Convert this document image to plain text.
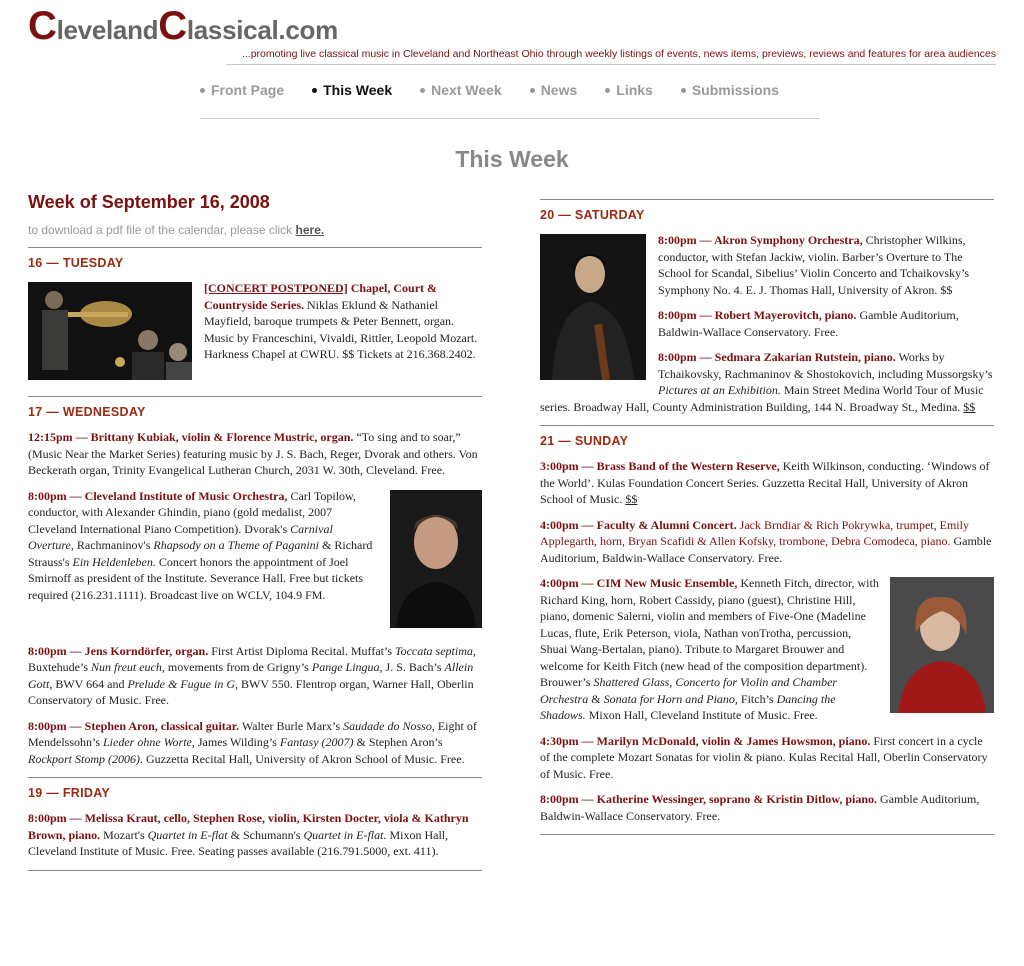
ClevelandClassical.com
...promoting live classical music in Cleveland and Northeast Ohio through weekly listings of events, news items, previews, reviews and features for area audiences
Front Page	This Week	Next Week	News	Links	Submissions
This Week
Week of September 16, 2008
to download a pdf file of the calendar, please click here.
16 — TUESDAY
[CONCERT POSTPONED] Chapel, Court & Countryside Series. Niklas Eklund & Nathaniel Mayfield, baroque trumpets & Peter Bennett, organ. Music by Franceschini, Vivaldi, Rittler, Leopold Mozart. Harkness Chapel at CWRU. $$ Tickets at 216.368.2402.
17 — WEDNESDAY
12:15pm — Brittany Kubiak, violin & Florence Mustric, organ. “To sing and to soar,” (Music Near the Market Series) featuring music by J. S. Bach, Reger, Dvorak and others. Von Beckerath organ, Trinity Evangelical Lutheran Church, 2031 W. 30th, Cleveland. Free.
8:00pm — Cleveland Institute of Music Orchestra, Carl Topilow, conductor, with Alexander Ghindin, piano (gold medalist, 2007 Cleveland International Piano Competition). Dvorak's Carnival Overture, Rachmaninov's Rhapsody on a Theme of Paganini & Richard Strauss's Ein Heldenleben. Concert honors the appointment of Joel Smirnoff as president of the Institute. Severance Hall. Free but tickets required (216.231.1111). Broadcast live on WCLV, 104.9 FM.
8:00pm — Jens Korndörfer, organ. First Artist Diploma Recital. Muffat’s Toccata septima, Buxtehude’s Nun freut euch, movements from de Grigny’s Pange Lingua, J. S. Bach’s Allein Gott, BWV 664 and Prelude & Fugue in G, BWV 550. Flentrop organ, Warner Hall, Oberlin Conservatory of Music. Free.
8:00pm — Stephen Aron, classical guitar. Walter Burle Marx’s Saudade do Nosso, Eight of Mendelssohn’s Lieder ohne Worte, James Wilding’s Fantasy (2007) & Stephen Aron’s Rockport Stomp (2006). Guzzetta Recital Hall, University of Akron School of Music. Free.
19 — FRIDAY
8:00pm — Melissa Kraut, cello, Stephen Rose, violin, Kirsten Docter, viola & Kathryn Brown, piano. Mozart's Quartet in E-flat & Schumann's Quartet in E-flat. Mixon Hall, Cleveland Institute of Music. Free. Seating passes available (216.791.5000, ext. 411).
20 — SATURDAY
8:00pm — Akron Symphony Orchestra, Christopher Wilkins, conductor, with Stefan Jackiw, violin. Barber’s Overture to The School for Scandal, Sibelius’ Violin Concerto and Tchaikovsky’s Symphony No. 4. E. J. Thomas Hall, University of Akron. $$
8:00pm — Robert Mayerovitch, piano. Gamble Auditorium, Baldwin-Wallace Conservatory. Free.
8:00pm — Sedmara Zakarian Rutstein, piano. Works by Tchaikovsky, Rachmaninov & Shostokovich, including Mussorgsky’s Pictures at an Exhibition. Main Street Medina World Tour of Music series. Broadway Hall, County Administration Building, 144 N. Broadway St., Medina. $$
21 — SUNDAY
3:00pm — Brass Band of the Western Reserve, Keith Wilkinson, conducting. ‘Windows of the World’. Kulas Foundation Concert Series. Guzzetta Recital Hall, University of Akron School of Music. $$
4:00pm — Faculty & Alumni Concert. Jack Brndiar & Rich Pokrywka, trumpet, Emily Applegarth, horn, Bryan Scafidi & Allen Kofsky, trombone, Debra Comodeca, piano. Gamble Auditorium, Baldwin-Wallace Conservatory. Free.
4:00pm — CIM New Music Ensemble, Kenneth Fitch, director, with Richard King, horn, Robert Cassidy, piano (guest), Christine Hill, piano, domenic Salerni, violin and members of Five-One (Madeline Lucas, flute, Erik Peterson, viola, Nathan vonTrotha, percussion, Shuai Wang-Bertalan, piano). Tribute to Margaret Brouwer and welcome for Keith Fitch (new head of the composition department). Brouwer’s Shattered Glass, Concerto for Violin and Chamber Orchestra & Sonata for Horn and Piano, Fitch’s Dancing the Shadows. Mixon Hall, Cleveland Institute of Music. Free.
4:30pm — Marilyn McDonald, violin & James Howsmon, piano. First concert in a cycle of the complete Mozart Sonatas for violin & piano. Kulas Recital Hall, Oberlin Conservatory of Music. Free.
8:00pm — Katherine Wessinger, soprano & Kristin Ditlow, piano. Gamble Auditorium, Baldwin-Wallace Conservatory. Free.
